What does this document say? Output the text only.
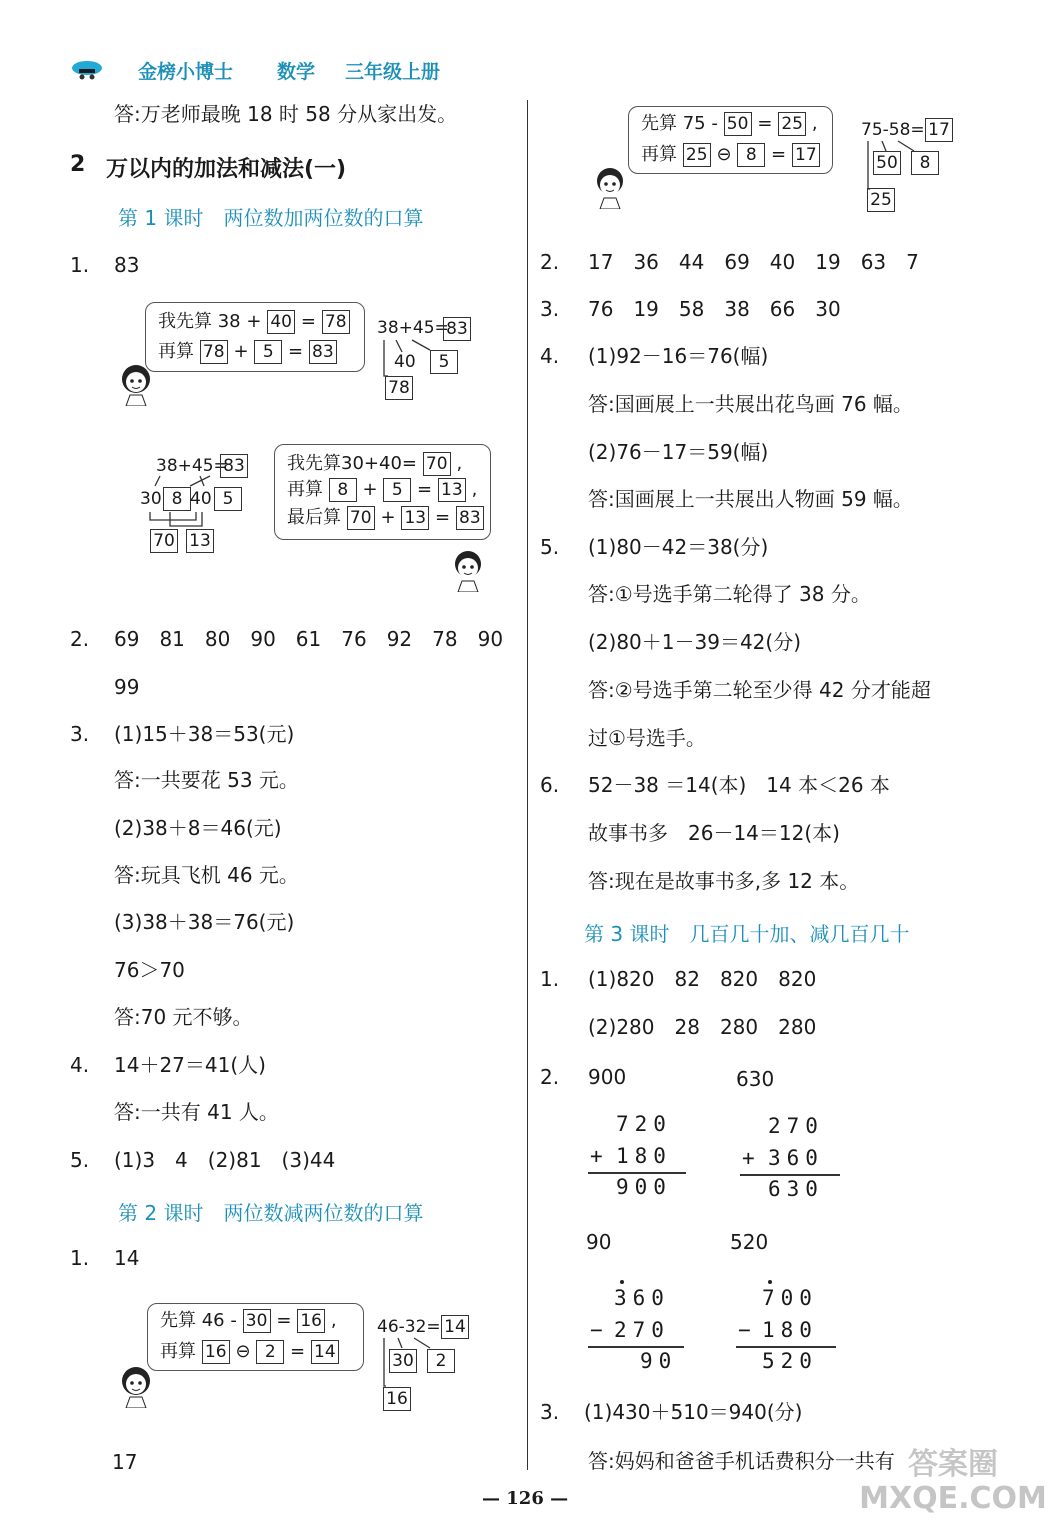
金榜小博士 数学 三年级上册
答:万老师最晚 18 时 58 分从家出发。
2 万以内的加法和减法(一)
第 1 课时　两位数加两位数的口算
1. 83
我先算 38 + 40 = 78
再算 78 + 5 = 83
38+45=
83
40	5
78
38+45=
83
30 8 40 5
70 13
我先算30+40= 70 ,
再算 8 + 5 = 13 ,
最后算 70 + 13 = 83
2. 69　81　80　90　61　76　92　78　90
99
3. (1)15＋38＝53(元)
答:一共要花 53 元。
(2)38＋8＝46(元)
答:玩具飞机 46 元。
(3)38＋38＝76(元)
76＞70
答:70 元不够。
4. 14＋27＝41(人)
答:一共有 41 人。
5. (1)3　4　(2)81　(3)44
第 2 课时　两位数减两位数的口算
1. 14
先算 46 - 30 = 16 ,
再算 16 ⊖ 2 = 14
46-32= 14
30	2
16
17
先算 75 - 50 = 25 ,
再算 25 ⊖ 8 = 17
75-58= 17
50	8
25
2. 17　36　44　69　40　19　63　7
3. 76　19　58　38　66　30
4. (1)92－16＝76(幅)
答:国画展上一共展出花鸟画 76 幅。
(2)76－17＝59(幅)
答:国画展上一共展出人物画 59 幅。
5. (1)80－42＝38(分)
答:①号选手第二轮得了 38 分。
(2)80＋1－39＝42(分)
答:②号选手第二轮至少得 42 分才能超
过①号选手。
6. 52－38 ＝14(本)　14 本＜26 本
故事书多　26－14＝12(本)
答:现在是故事书多,多 12 本。
第 3 课时　几百几十加、减几百几十
1. (1)820　82　820　820
(2)280　28　280　280
2. 900	630
720
+ 180
900
270
+ 360
630
90	520
360
− 270
90
700
− 180
520
3. (1)430＋510＝940(分)
答:妈妈和爸爸手机话费积分一共有 答案圈 MXQE.COM
— 126 —
